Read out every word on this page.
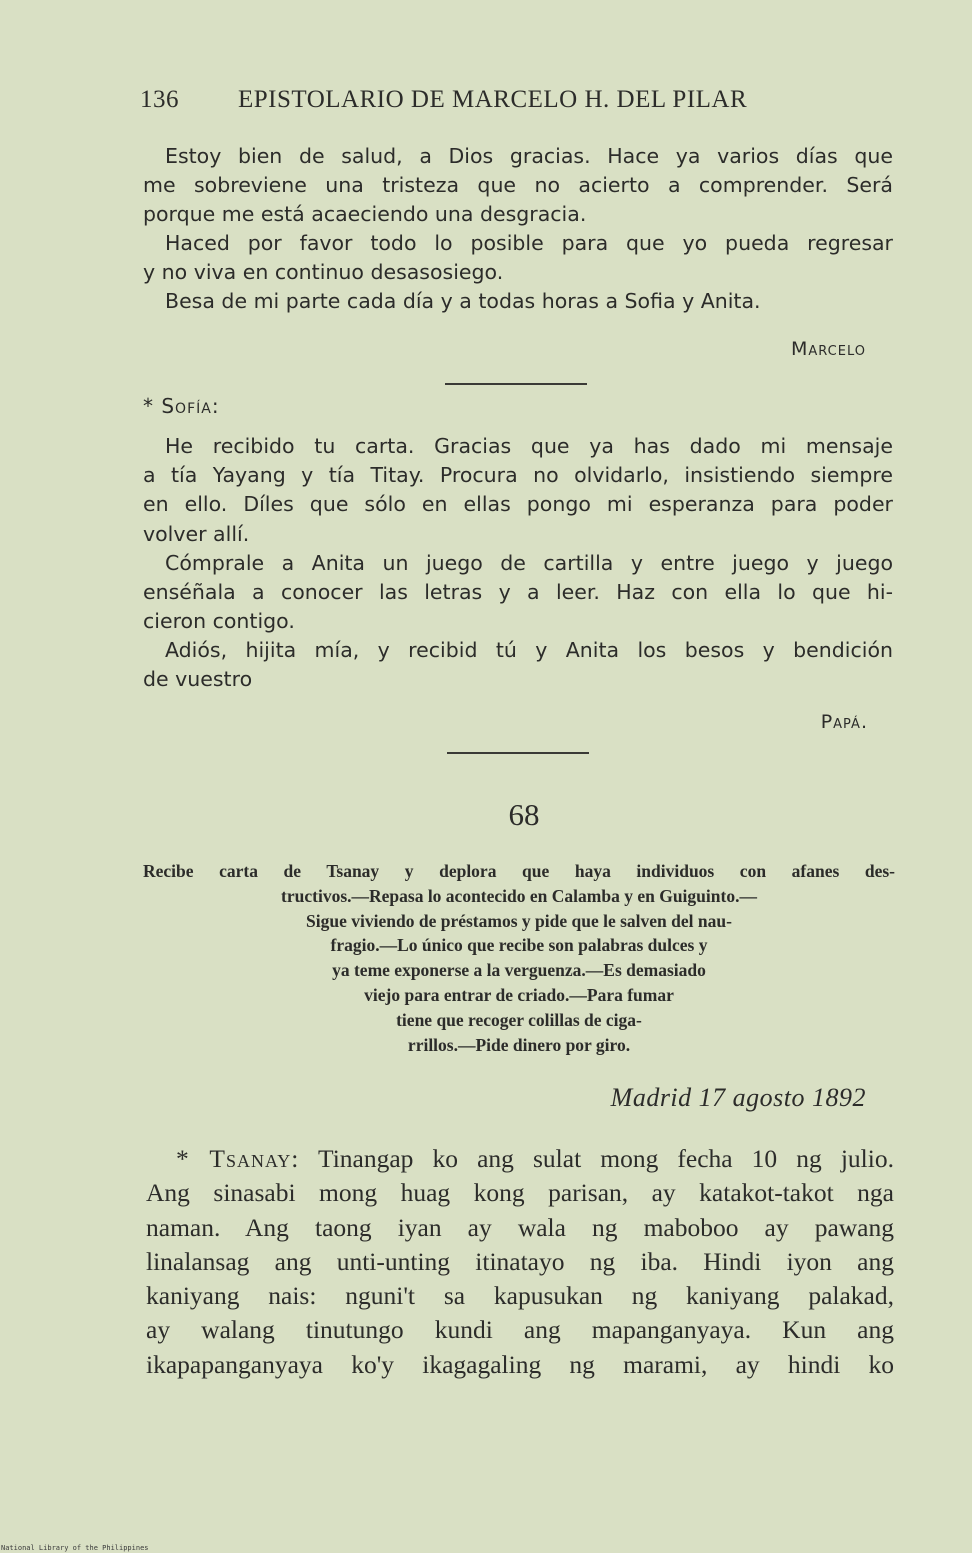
136 EPISTOLARIO DE MARCELO H. DEL PILAR
Estoy bien de salud, a Dios gracias. Hace ya varios días que
me sobreviene una tristeza que no acierto a comprender. Será
porque me está acaeciendo una desgracia.
Haced por favor todo lo posible para que yo pueda regresar
y no viva en continuo desasosiego.
Besa de mi parte cada día y a todas horas a Sofia y Anita.
Marcelo
* Sofía:
He recibido tu carta. Gracias que ya has dado mi mensaje
a tía Yayang y tía Titay. Procura no olvidarlo, insistiendo siempre
en ello. Díles que sólo en ellas pongo mi esperanza para poder
volver allí.
Cómprale a Anita un juego de cartilla y entre juego y juego
enséñala a conocer las letras y a leer. Haz con ella lo que hi-
cieron contigo.
Adiós, hijita mía, y recibid tú y Anita los besos y bendición
de vuestro
Papá.
68
Recibe carta de Tsanay y deplora que haya individuos con afanes des-
tructivos.—Repasa lo acontecido en Calamba y en Guiguinto.—
Sigue viviendo de préstamos y pide que le salven del nau-
fragio.—Lo único que recibe son palabras dulces y
ya teme exponerse a la verguenza.—Es demasiado
viejo para entrar de criado.—Para fumar
tiene que recoger colillas de ciga-
rrillos.—Pide dinero por giro.
Madrid 17 agosto 1892
* Tsanay: Tinangap ko ang sulat mong fecha 10 ng julio.
Ang sinasabi mong huag kong parisan, ay katakot-takot nga
naman. Ang taong iyan ay wala ng maboboo ay pawang
linalansag ang unti-unting itinatayo ng iba. Hindi iyon ang
kaniyang nais: nguni't sa kapusukan ng kaniyang palakad,
ay walang tinutungo kundi ang mapanganyaya. Kun ang
ikapapanganyaya ko'y ikagagaling ng marami, ay hindi ko
National Library of the Philippines
